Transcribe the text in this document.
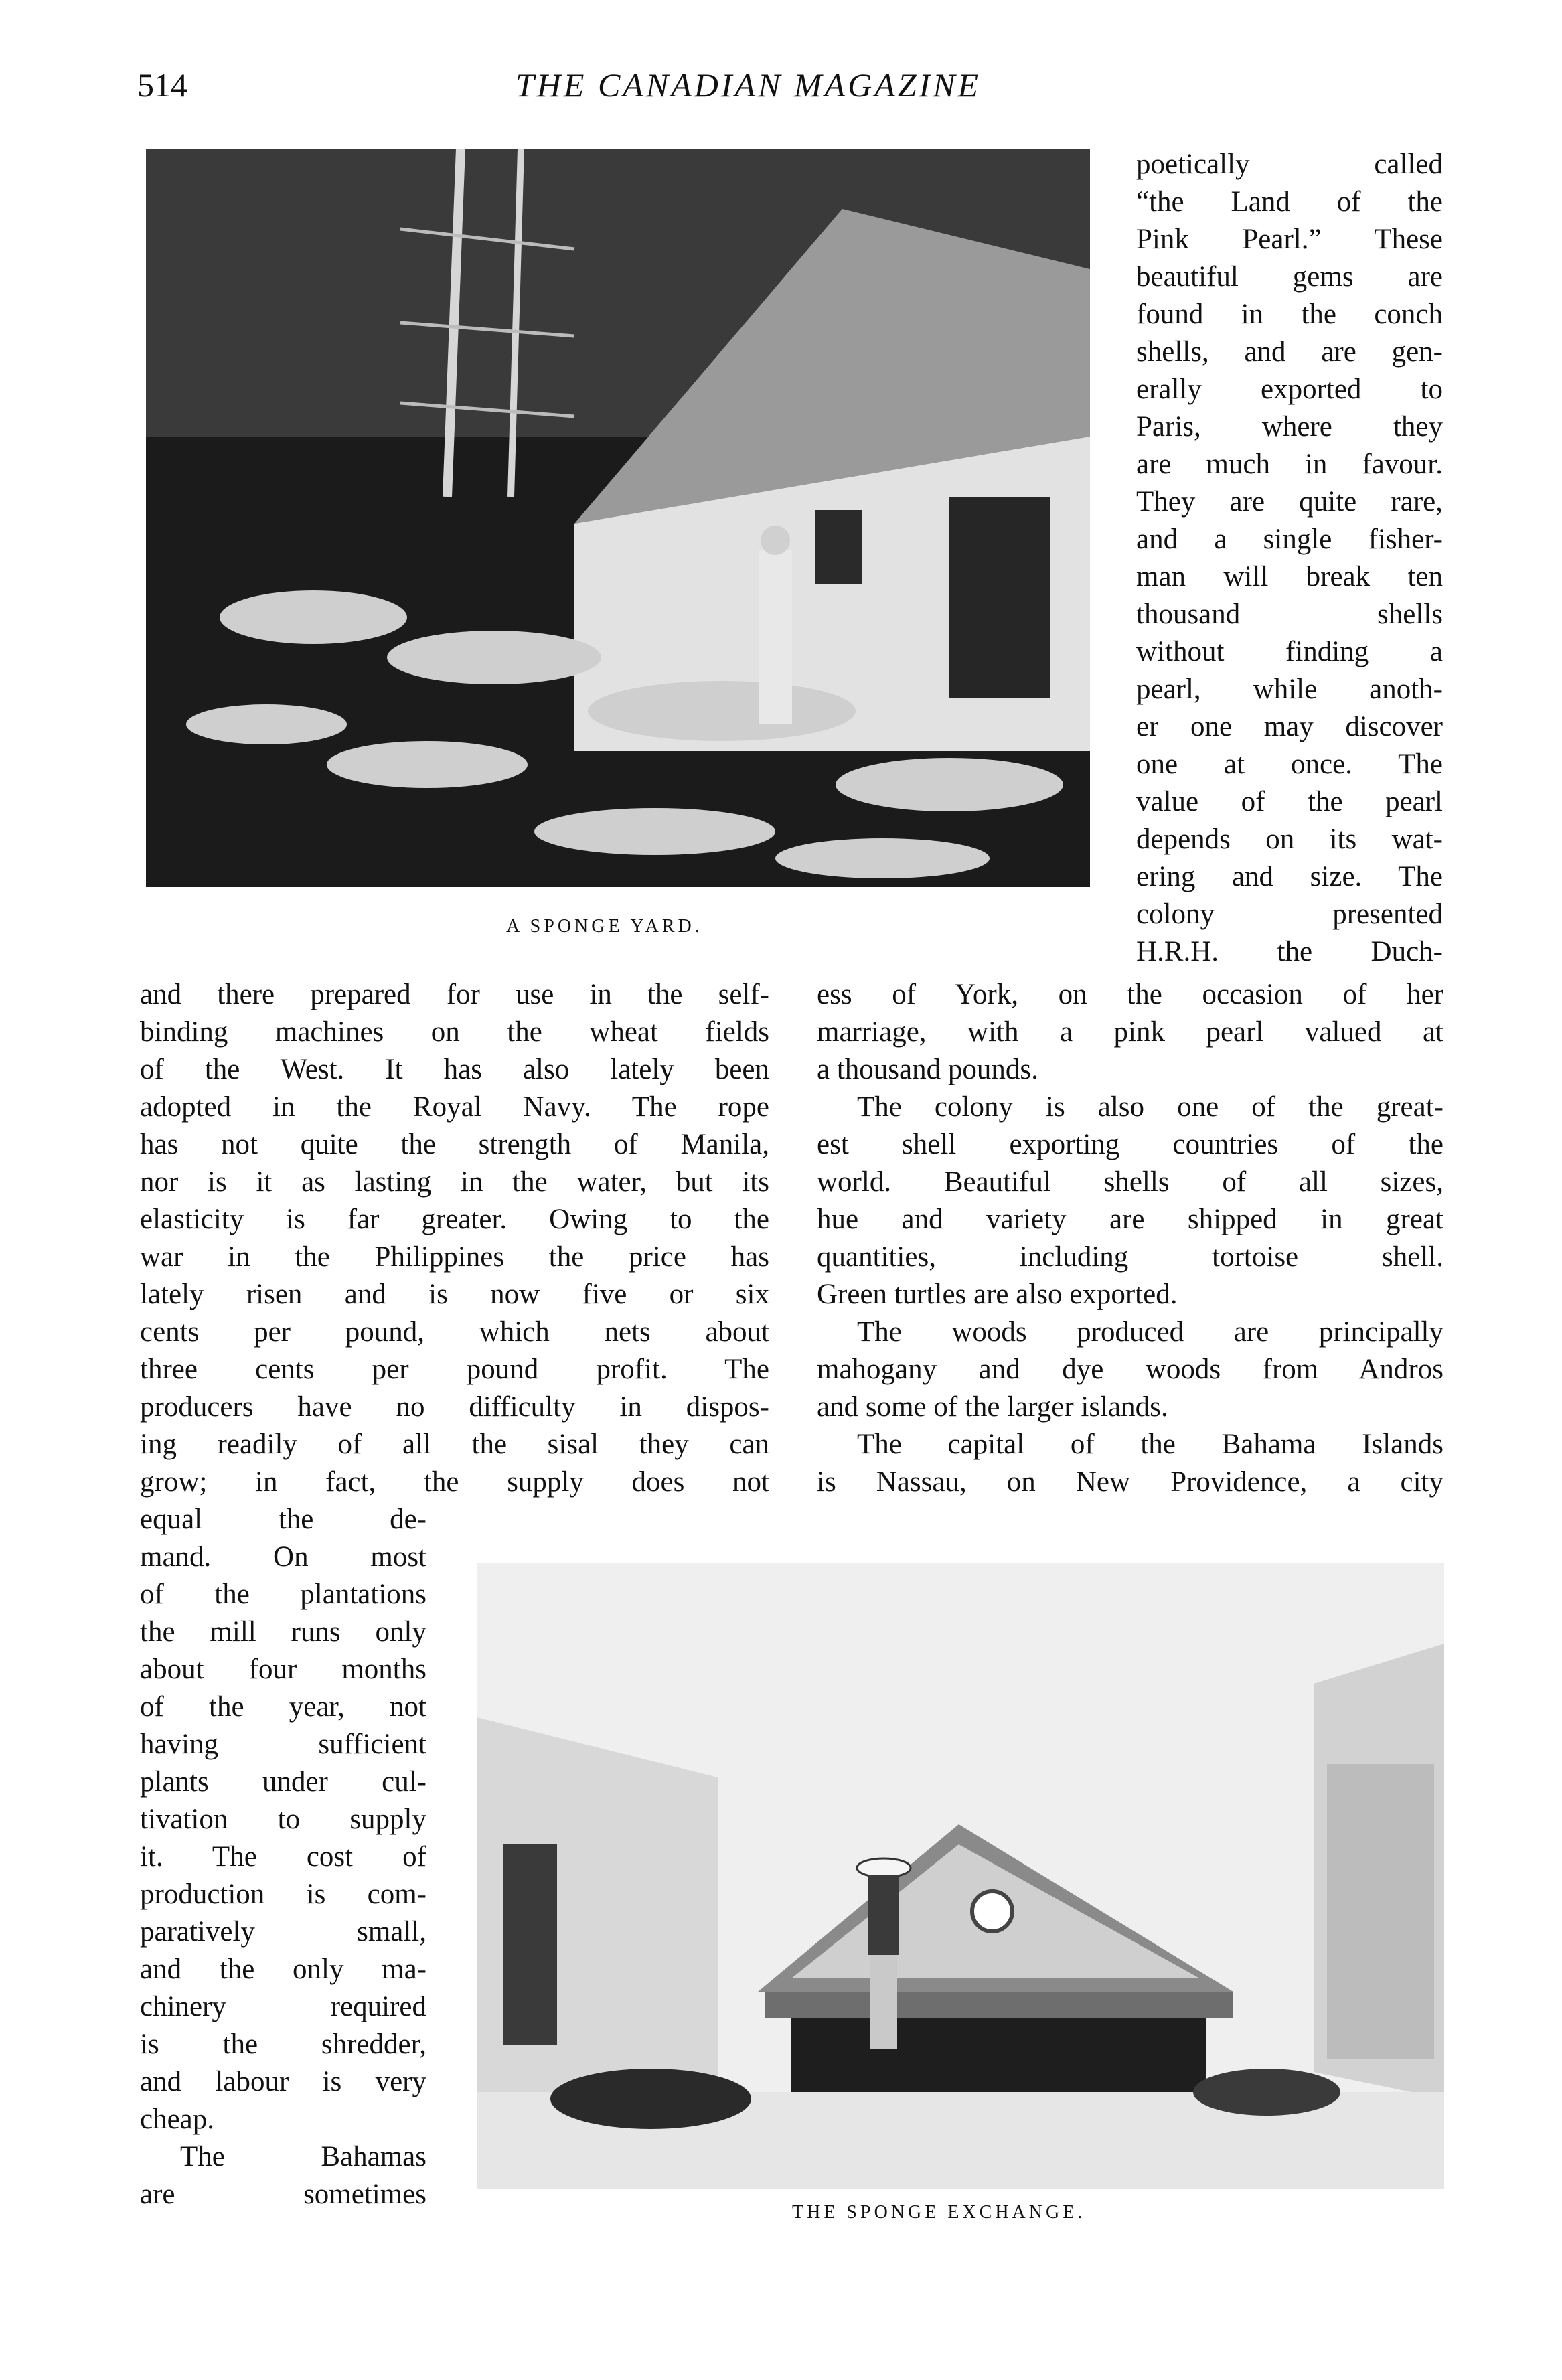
514	THE CANADIAN MAGAZINE
A SPONGE YARD.
poetically called
“the Land of the
Pink Pearl.” These
beautiful gems are
found in the conch
shells, and are gen-
erally exported to
Paris, where they
are much in favour.
They are quite rare,
and a single fisher-
man will break ten
thousand shells
without finding a
pearl, while anoth-
er one may discover
one at once. The
value of the pearl
depends on its wat-
ering and size. The
colony presented
H.R.H. the Duch-
and there prepared for use in the self-
binding machines on the wheat fields
of the West. It has also lately been
adopted in the Royal Navy. The rope
has not quite the strength of Manila,
nor is it as lasting in the water, but its
elasticity is far greater. Owing to the
war in the Philippines the price has
lately risen and is now five or six
cents per pound, which nets about
three cents per pound profit. The
producers have no difficulty in dispos-
ing readily of all the sisal they can
grow; in fact, the supply does not
ess of York, on the occasion of her
marriage, with a pink pearl valued at
a thousand pounds.
The colony is also one of the great-
est shell exporting countries of the
world. Beautiful shells of all sizes,
hue and variety are shipped in great
quantities, including tortoise shell.
Green turtles are also exported.
The woods produced are principally
mahogany and dye woods from Andros
and some of the larger islands.
The capital of the Bahama Islands
is Nassau, on New Providence, a city
equal the de-
mand. On most
of the plantations
the mill runs only
about four months
of the year, not
having sufficient
plants under cul-
tivation to supply
it. The cost of
production is com-
paratively small,
and the only ma-
chinery required
is the shredder,
and labour is very
cheap.
The Bahamas
are sometimes
THE SPONGE EXCHANGE.
